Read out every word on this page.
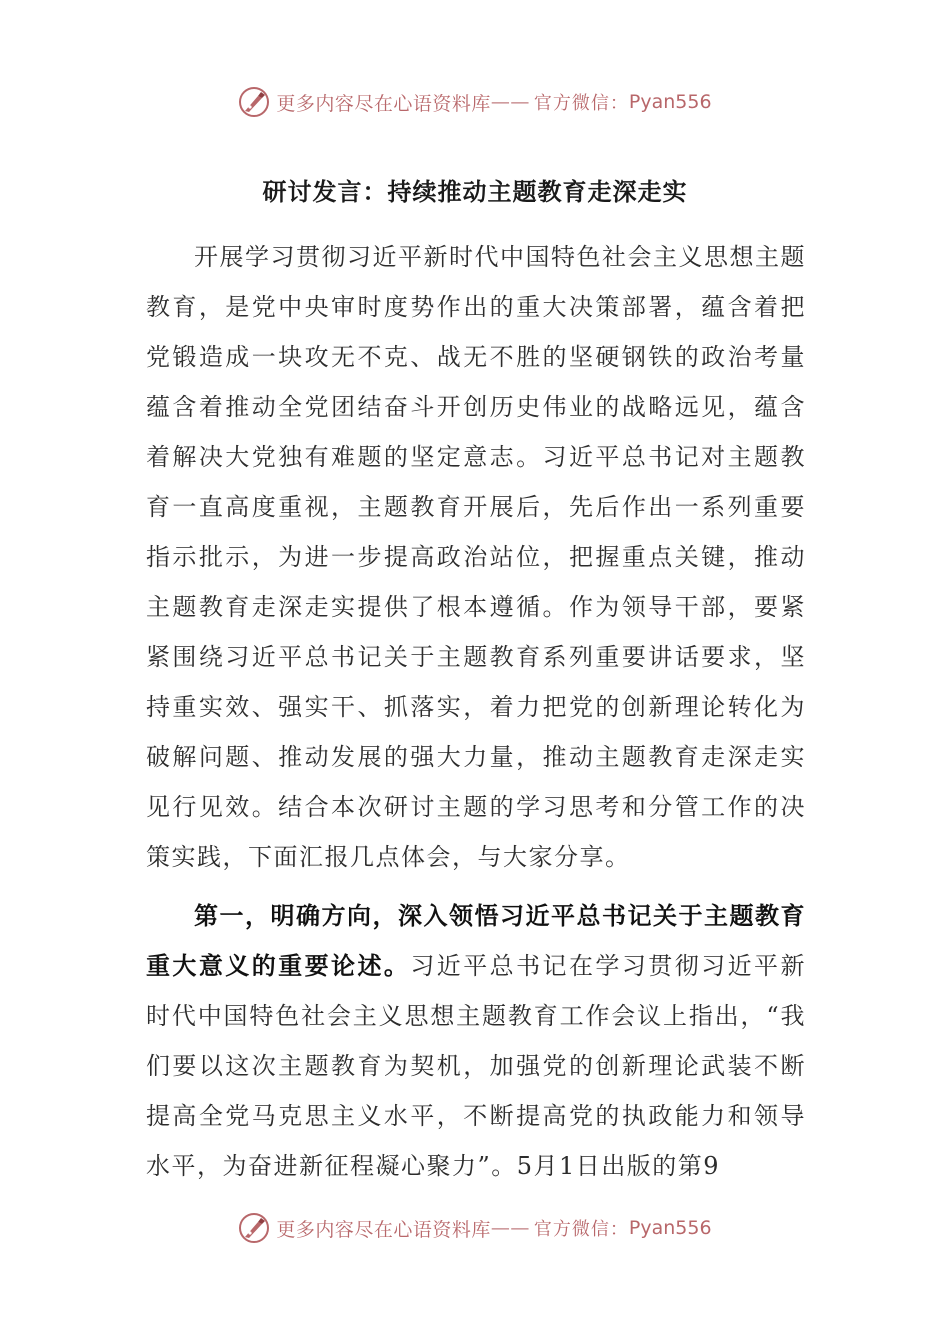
更多内容尽在心语资料库 —— 官方微信： Pyan556
研讨发言：持续推动主题教育走深走实

开展学习贯彻习近平新时代中国特色社会主义思想主题教育，是党中央审时度势作出的重大决策部署，蕴含着把党锻造成一块攻无不克、战无不胜的坚硬钢铁的政治考量蕴含着推动全党团结奋斗开创历史伟业的战略远见，蕴含着解决大党独有难题的坚定意志。习近平总书记对主题教育一直高度重视，主题教育开展后，先后作出一系列重要指示批示，为进一步提高政治站位，把握重点关键，推动主题教育走深走实提供了根本遵循。作为领导干部，要紧紧围绕习近平总书记关于主题教育系列重要讲话要求，坚持重实效、强实干、抓落实，着力把党的创新理论转化为破解问题、推动发展的强大力量，推动主题教育走深走实见行见效。结合本次研讨主题的学习思考和分管工作的决策实践，下面汇报几点体会，与大家分享。

第一，明确方向，深入领悟习近平总书记关于主题教育重大意义的重要论述。习近平总书记在学习贯彻习近平新时代中国特色社会主义思想主题教育工作会议上指出，“我们要以这次主题教育为契机，加强党的创新理论武装不断提高全党马克思主义水平，不断提高党的执政能力和领导水平，为奋进新征程凝心聚力”。5月1日出版的第9

更多内容尽在心语资料库 —— 官方微信： Pyan556
